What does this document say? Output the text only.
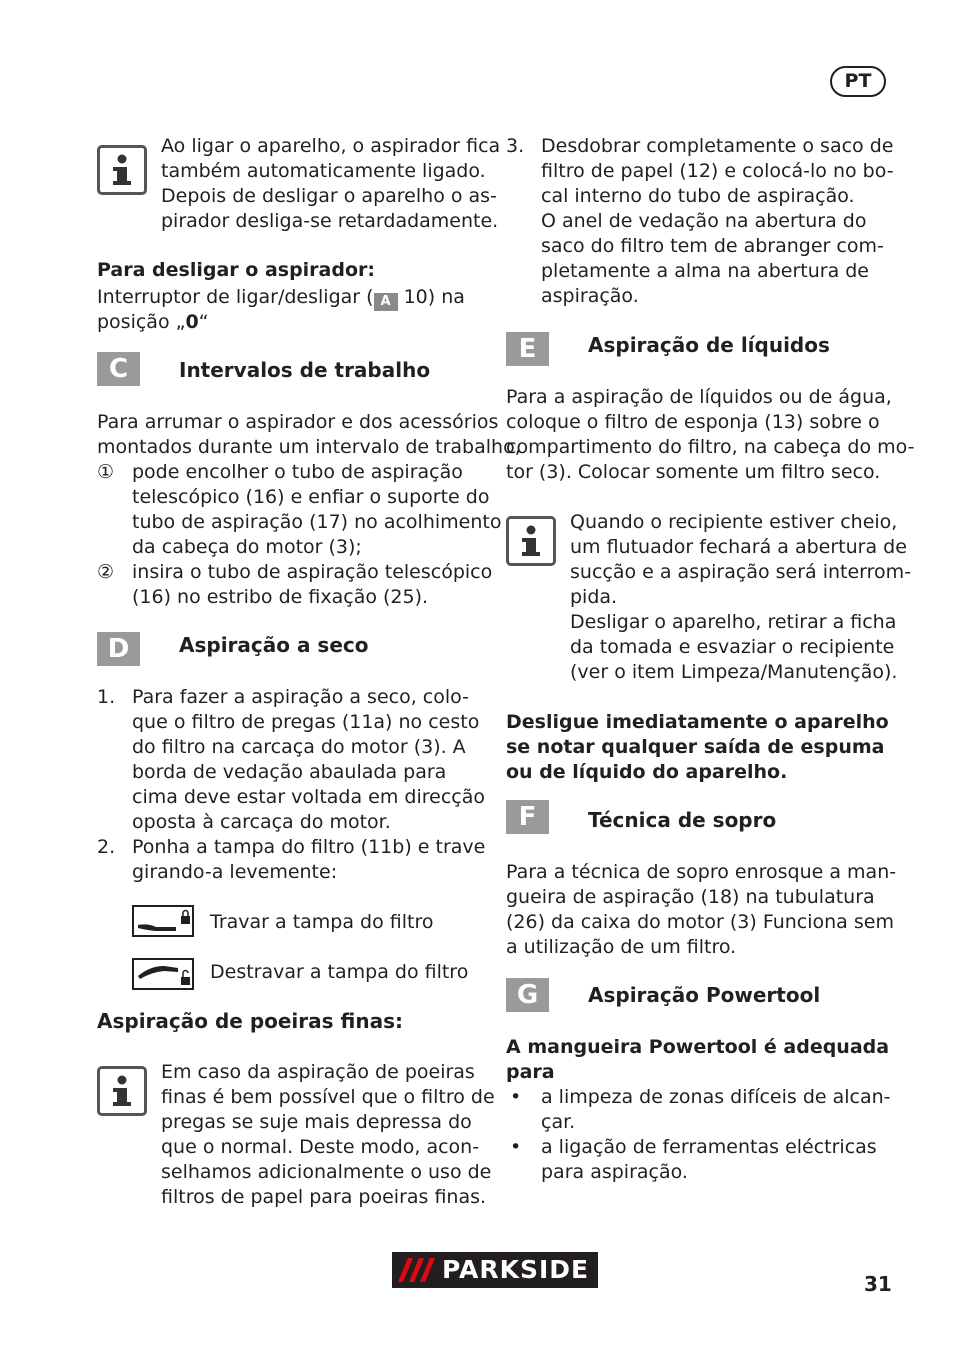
PT
Ao ligar o aparelho, o aspirador fica
também automaticamente ligado.
Depois de desligar o aparelho o as-
pirador desliga-se retardadamente.
Para desligar o aspirador:
Interruptor de ligar/desligar ( A 10) na
posição „0“
C	Intervalos de trabalho
Para arrumar o aspirador e dos acessórios
montados durante um intervalo de trabalho,
① pode encolher o tubo de aspiração
telescópico (16) e enfiar o suporte do
tubo de aspiração (17) no acolhimento
da cabeça do motor (3);
② insira o tubo de aspiração telescópico
(16) no estribo de fixação (25).
D	Aspiração a seco
1. Para fazer a aspiração a seco, colo-
que o filtro de pregas (11a) no cesto
do filtro na carcaça do motor (3). A
borda de vedação abaulada para
cima deve estar voltada em direcção
oposta à carcaça do motor.
2. Ponha a tampa do filtro (11b) e trave
girando-a levemente:
Travar a tampa do filtro
Destravar a tampa do filtro
Aspiração de poeiras finas:
Em caso da aspiração de poeiras
finas é bem possível que o filtro de
pregas se suje mais depressa do
que o normal. Deste modo, acon-
selhamos adicionalmente o uso de
filtros de papel para poeiras finas.
3. Desdobrar completamente o saco de
filtro de papel (12) e colocá-lo no bo-
cal interno do tubo de aspiração.
O anel de vedação na abertura do
saco do filtro tem de abranger com-
pletamente a alma na abertura de
aspiração.
E	Aspiração de líquidos
Para a aspiração de líquidos ou de água,
coloque o filtro de esponja (13) sobre o
compartimento do filtro, na cabeça do mo-
tor (3). Colocar somente um filtro seco.
Quando o recipiente estiver cheio,
um flutuador fechará a abertura de
sucção e a aspiração será interrom-
pida.
Desligar o aparelho, retirar a ficha
da tomada e esvaziar o recipiente
(ver o item Limpeza/Manutenção).
Desligue imediatamente o aparelho
se notar qualquer saída de espuma
ou de líquido do aparelho.
F	Técnica de sopro
Para a técnica de sopro enrosque a man-
gueira de aspiração (18) na tubulatura
(26) da caixa do motor (3) Funciona sem
a utilização de um filtro.
G	Aspiração Powertool
A mangueira Powertool é adequada
para
• a limpeza de zonas difíceis de alcan-
çar.
• a ligação de ferramentas eléctricas
para aspiração.
PARKSIDE	31
